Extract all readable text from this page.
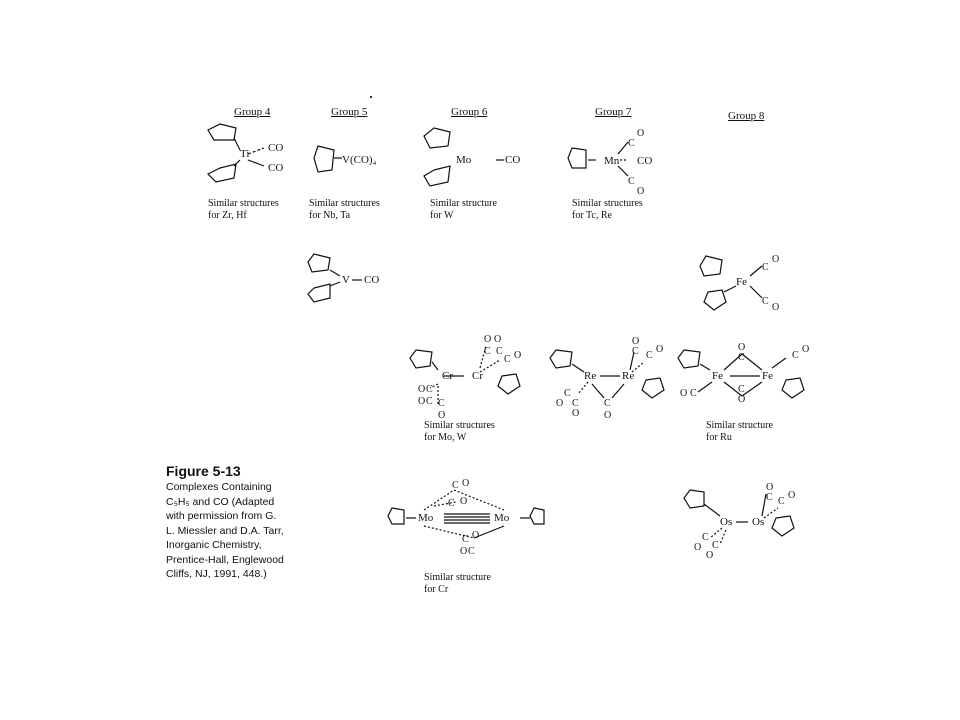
Group 4	Group 5	Group 6	Group 7	Group 8
Ti CO
CO
Similar structures
for Zr, Hf
V(CO)₄
Similar structures
for Nb, Ta
Mo	CO
Similar structure
for W
Mn
C
O
CO
C
O
Similar structures
for Tc, Re
V CO	Fe
C
O
C
O
Cr Cr
O
C
O
C
C O
O C
O C C
O
Similar structures
for Mo, W
Re Re
O
C C
O
C
O C
O
C
O
Fe	Fe
O
C
C
O
C
O
O C
Similar structure
for Ru
Mo	Mo
C O
C O
C O
O C
Similar structure
for Cr
Os Os
O
C C
O
C
O C
O
Figure 5-13
Complexes Containing
C₅H₅ and CO (Adapted
with permission from G.
L. Miessler and D.A. Tarr,
Inorganic Chemistry,
Prentice-Hall, Englewood
Cliffs, NJ, 1991, 448.)
